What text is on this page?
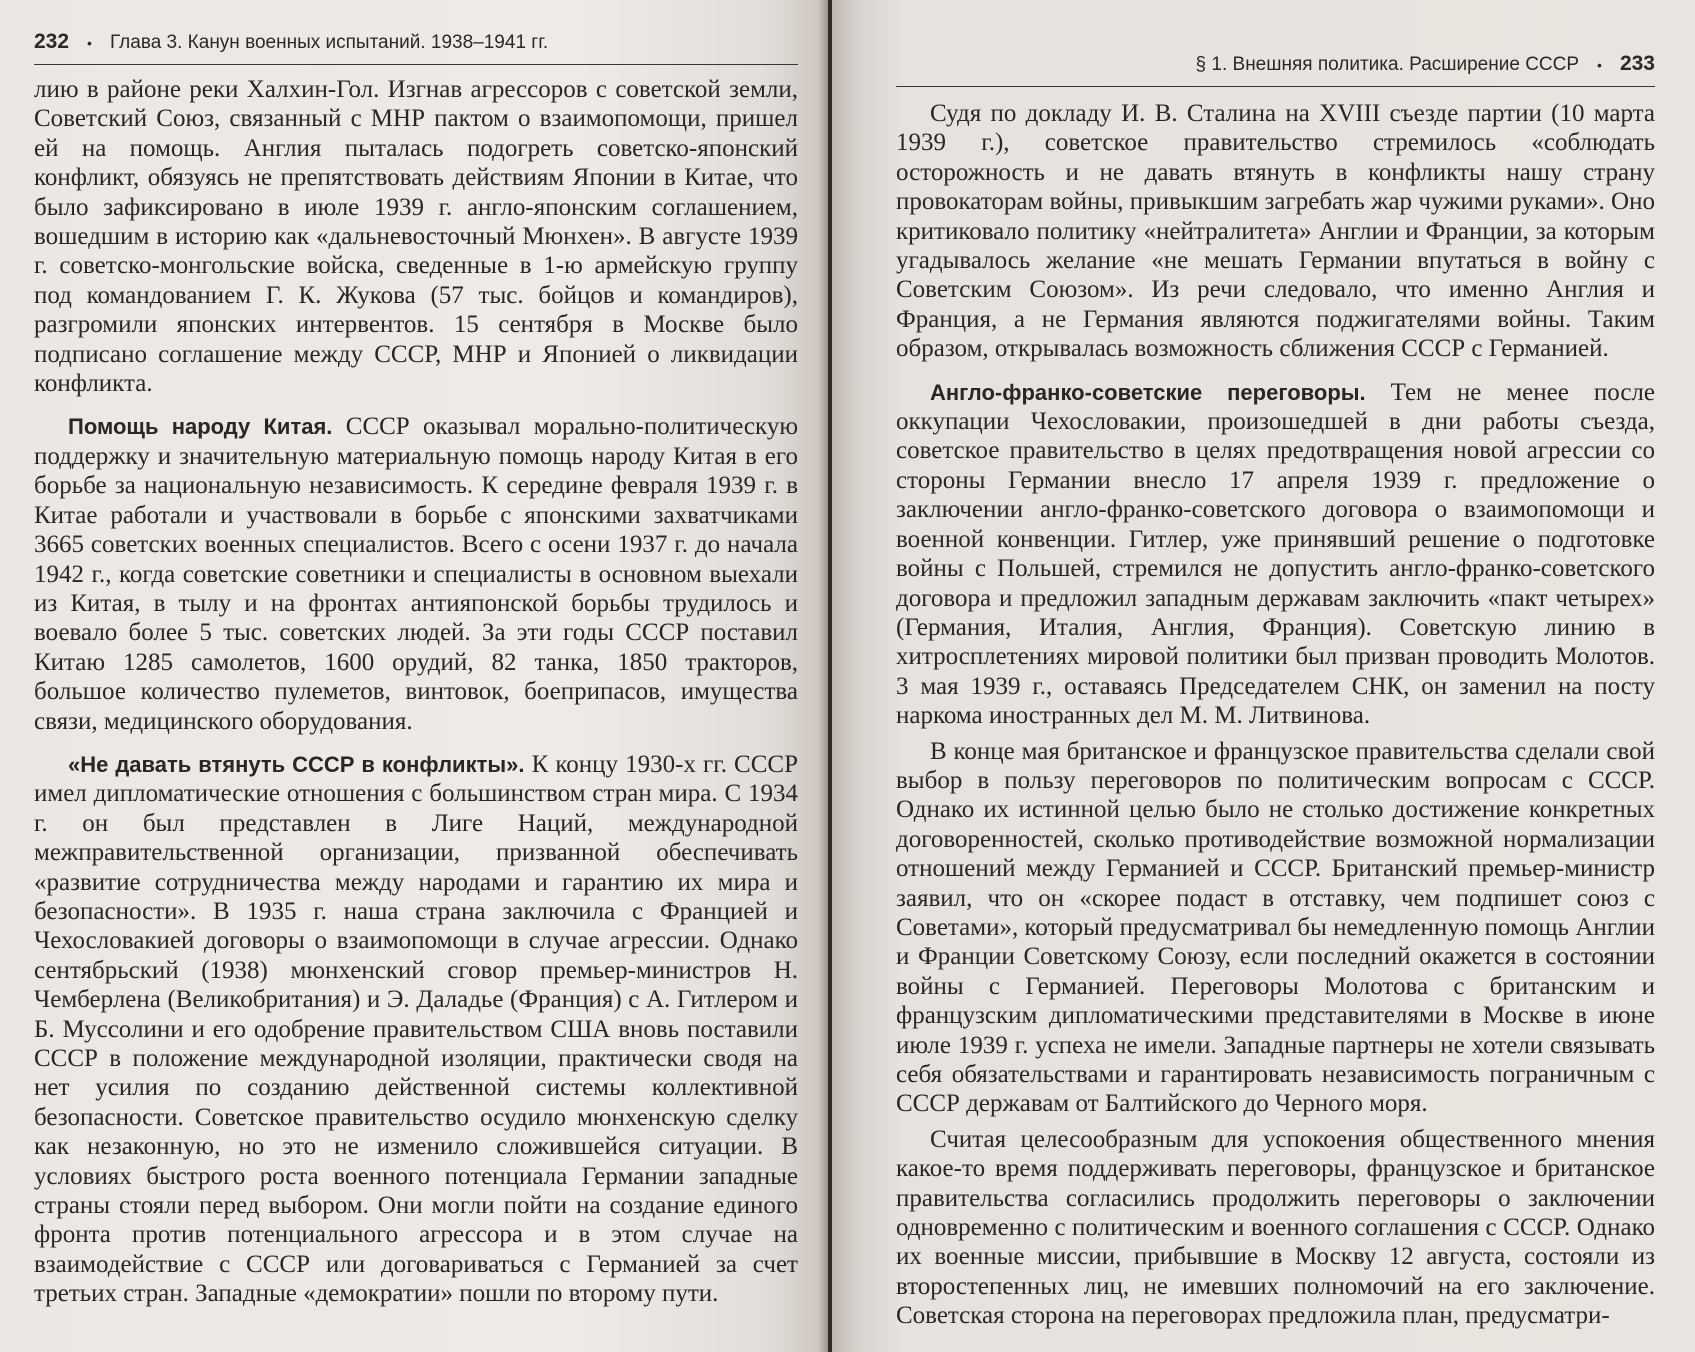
232 • Глава 3. Канун военных испытаний. 1938–1941 гг.

лию в районе реки Халхин-Гол. Изгнав агрессоров с советской земли, Советский Союз, связанный с МНР пактом о взаимопомощи, пришел ей на помощь. Англия пыталась подогреть советско-японский конфликт, обязуясь не препятствовать действиям Японии в Китае, что было зафиксировано в июле 1939 г. англо-японским соглашением, вошедшим в историю как «дальневосточный Мюнхен». В августе 1939 г. советско-монгольские войска, сведенные в 1-ю армейскую группу под командованием Г. К. Жукова (57 тыс. бойцов и командиров), разгромили японских интервентов. 15 сентября в Москве было подписано соглашение между СССР, МНР и Японией о ликвидации конфликта.

Помощь народу Китая. СССР оказывал морально-политическую поддержку и значительную материальную помощь народу Китая в его борьбе за национальную независимость. К середине февраля 1939 г. в Китае работали и участвовали в борьбе с японскими захватчиками 3665 советских военных специалистов. Всего с осени 1937 г. до начала 1942 г., когда советские советники и специалисты в основном выехали из Китая, в тылу и на фронтах антияпонской борьбы трудилось и воевало более 5 тыс. советских людей. За эти годы СССР поставил Китаю 1285 самолетов, 1600 орудий, 82 танка, 1850 тракторов, большое количество пулеметов, винтовок, боеприпасов, имущества связи, медицинского оборудования.

«Не давать втянуть СССР в конфликты». К концу 1930-х гг. СССР имел дипломатические отношения с большинством стран мира. С 1934 г. он был представлен в Лиге Наций, международной межправительственной организации, призванной обеспечивать «развитие сотрудничества между народами и гарантию их мира и безопасности». В 1935 г. наша страна заключила с Францией и Чехословакией договоры о взаимопомощи в случае агрессии. Однако сентябрьский (1938) мюнхенский сговор премьер-министров Н. Чемберлена (Великобритания) и Э. Даладье (Франция) с А. Гитлером и Б. Муссолини и его одобрение правительством США вновь поставили СССР в положение международной изоляции, практически сводя на нет усилия по созданию действенной системы коллективной безопасности. Советское правительство осудило мюнхенскую сделку как незаконную, но это не изменило сложившейся ситуации. В условиях быстрого роста военного потенциала Германии западные страны стояли перед выбором. Они могли пойти на создание единого фронта против потенциального агрессора и в этом случае на взаимодействие с СССР или договариваться с Германией за счет третьих стран. Западные «демократии» пошли по второму пути.

§ 1. Внешняя политика. Расширение СССР • 233

Судя по докладу И. В. Сталина на XVIII съезде партии (10 марта 1939 г.), советское правительство стремилось «соблюдать осторожность и не давать втянуть в конфликты нашу страну провокаторам войны, привыкшим загребать жар чужими руками». Оно критиковало политику «нейтралитета» Англии и Франции, за которым угадывалось желание «не мешать Германии впутаться в войну с Советским Союзом». Из речи следовало, что именно Англия и Франция, а не Германия являются поджигателями войны. Таким образом, открывалась возможность сближения СССР с Германией.

Англо-франко-советские переговоры. Тем не менее после оккупации Чехословакии, произошедшей в дни работы съезда, советское правительство в целях предотвращения новой агрессии со стороны Германии внесло 17 апреля 1939 г. предложение о заключении англо-франко-советского договора о взаимопомощи и военной конвенции. Гитлер, уже принявший решение о подготовке войны с Польшей, стремился не допустить англо-франко-советского договора и предложил западным державам заключить «пакт четырех» (Германия, Италия, Англия, Франция). Советскую линию в хитросплетениях мировой политики был призван проводить Молотов. 3 мая 1939 г., оставаясь Председателем СНК, он заменил на посту наркома иностранных дел М. М. Литвинова.

В конце мая британское и французское правительства сделали свой выбор в пользу переговоров по политическим вопросам с СССР. Однако их истинной целью было не столько достижение конкретных договоренностей, сколько противодействие возможной нормализации отношений между Германией и СССР. Британский премьер-министр заявил, что он «скорее подаст в отставку, чем подпишет союз с Советами», который предусматривал бы немедленную помощь Англии и Франции Советскому Союзу, если последний окажется в состоянии войны с Германией. Переговоры Молотова с британским и французским дипломатическими представителями в Москве в июне июле 1939 г. успеха не имели. Западные партнеры не хотели связывать себя обязательствами и гарантировать независимость пограничным с СССР державам от Балтийского до Черного моря.

Считая целесообразным для успокоения общественного мнения какое-то время поддерживать переговоры, французское и британское правительства согласились продолжить переговоры о заключении одновременно с политическим и военного соглашения с СССР. Однако их военные миссии, прибывшие в Москву 12 августа, состояли из второстепенных лиц, не имевших полномочий на его заключение. Советская сторона на переговорах предложила план, предусматри-
